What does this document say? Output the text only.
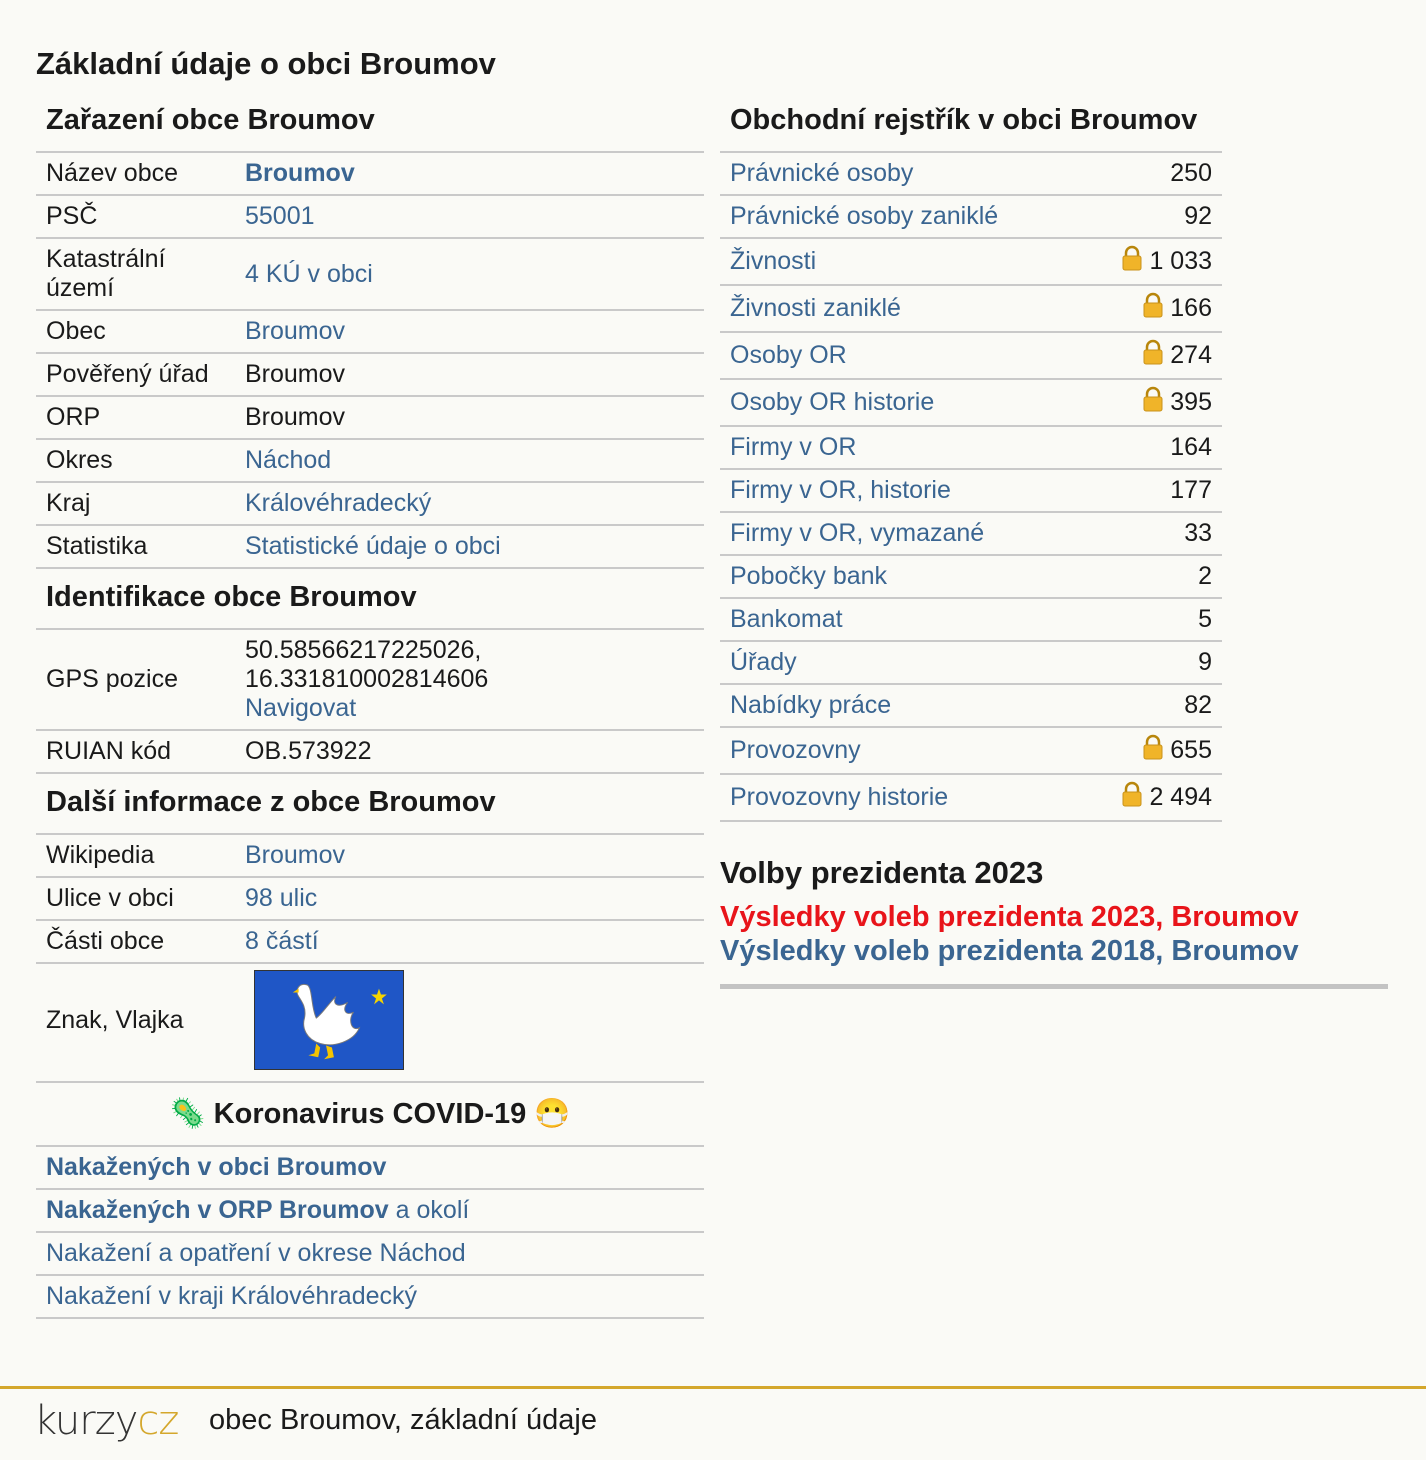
Základní údaje o obci Broumov
Zařazení obce Broumov
Název obce	Broumov
PSČ	55001
Katastrální území	4 KÚ v obci
Obec	Broumov
Pověřený úřad	Broumov
ORP	Broumov
Okres	Náchod
Kraj	Královéhradecký
Statistika	Statistické údaje o obci
Identifikace obce Broumov
GPS pozice	50.58566217225026,
16.331810002814606
Navigovat
RUIAN kód	OB.573922
Další informace z obce Broumov
Wikipedia	Broumov
Ulice v obci	98 ulic
Části obce	8 částí
Znak, Vlajka	
🦠 Koronavirus COVID-19 😷
Nakažených v obci Broumov
Nakažených v ORP Broumov a okolí
Nakažení a opatření v okrese Náchod
Nakažení v kraji Královéhradecký
Obchodní rejstřík v obci Broumov
Právnické osoby	250
Právnické osoby zaniklé	92
Živnosti	1 033
Živnosti zaniklé	166
Osoby OR	274
Osoby OR historie	395
Firmy v OR	164
Firmy v OR, historie	177
Firmy v OR, vymazané	33
Pobočky bank	2
Bankomat	5
Úřady	9
Nabídky práce	82
Provozovny	655
Provozovny historie	2 494
Volby prezidenta 2023
Výsledky voleb prezidenta 2023, Broumov
Výsledky voleb prezidenta 2018, Broumov
kurzycz obec Broumov, základní údaje
